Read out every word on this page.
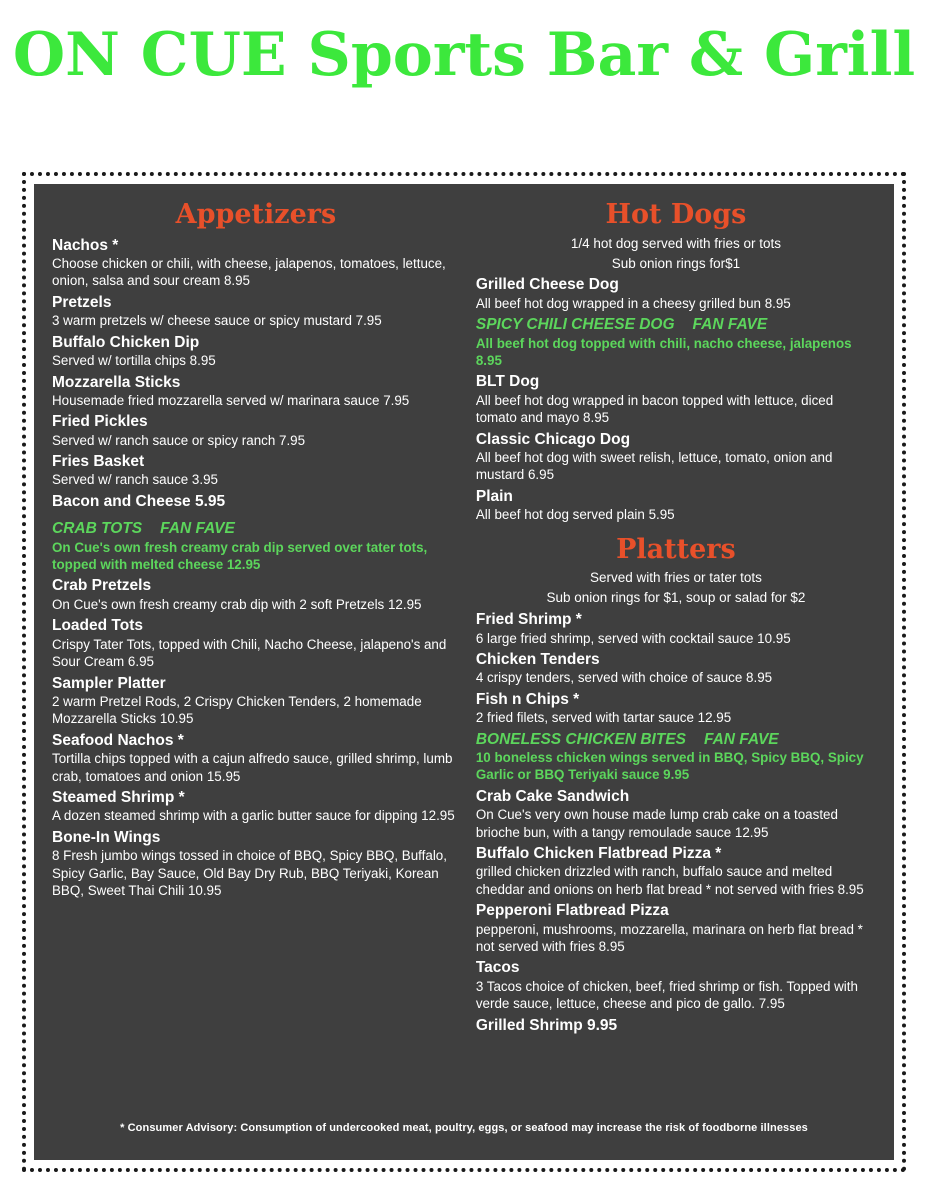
ON CUE Sports Bar & Grill
Appetizers
Nachos *
Choose chicken or chili, with cheese, jalapenos, tomatoes, lettuce, onion, salsa and sour cream 8.95
Pretzels
3 warm pretzels w/ cheese sauce or spicy mustard 7.95
Buffalo Chicken Dip
Served w/ tortilla chips 8.95
Mozzarella Sticks
Housemade fried mozzarella served w/ marinara sauce 7.95
Fried Pickles
Served w/ ranch sauce or spicy ranch 7.95
Fries Basket
Served w/ ranch sauce 3.95
Bacon and Cheese 5.95
CRAB TOTS FAN FAVE
On Cue's own fresh creamy crab dip served over tater tots, topped with melted cheese 12.95
Crab Pretzels
On Cue's own fresh creamy crab dip with 2 soft Pretzels 12.95
Loaded Tots
Crispy Tater Tots, topped with Chili, Nacho Cheese, jalapeno's and Sour Cream 6.95
Sampler Platter
2 warm Pretzel Rods, 2 Crispy Chicken Tenders, 2 homemade Mozzarella Sticks 10.95
Seafood Nachos *
Tortilla chips topped with a cajun alfredo sauce, grilled shrimp, lumb crab, tomatoes and onion 15.95
Steamed Shrimp *
A dozen steamed shrimp with a garlic butter sauce for dipping 12.95
Bone-In Wings
8 Fresh jumbo wings tossed in choice of BBQ, Spicy BBQ, Buffalo, Spicy Garlic, Bay Sauce, Old Bay Dry Rub, BBQ Teriyaki, Korean BBQ, Sweet Thai Chili 10.95
Hot Dogs
1/4 hot dog served with fries or tots
Sub onion rings for$1
Grilled Cheese Dog
All beef hot dog wrapped in a cheesy grilled bun 8.95
SPICY CHILI CHEESE DOG FAN FAVE
All beef hot dog topped with chili, nacho cheese, jalapenos 8.95
BLT Dog
All beef hot dog wrapped in bacon topped with lettuce, diced tomato and mayo 8.95
Classic Chicago Dog
All beef hot dog with sweet relish, lettuce, tomato, onion and mustard 6.95
Plain
All beef hot dog served plain 5.95
Platters
Served with fries or tater tots
Sub onion rings for $1, soup or salad for $2
Fried Shrimp *
6 large fried shrimp, served with cocktail sauce 10.95
Chicken Tenders
4 crispy tenders, served with choice of sauce 8.95
Fish n Chips *
2 fried filets, served with tartar sauce 12.95
BONELESS CHICKEN BITES FAN FAVE
10 boneless chicken wings served in BBQ, Spicy BBQ, Spicy Garlic or BBQ Teriyaki sauce 9.95
Crab Cake Sandwich
On Cue's very own house made lump crab cake on a toasted brioche bun, with a tangy remoulade sauce 12.95
Buffalo Chicken Flatbread Pizza *
grilled chicken drizzled with ranch, buffalo sauce and melted cheddar and onions on herb flat bread * not served with fries 8.95
Pepperoni Flatbread Pizza
pepperoni, mushrooms, mozzarella, marinara on herb flat bread * not served with fries 8.95
Tacos
3 Tacos choice of chicken, beef, fried shrimp or fish. Topped with verde sauce, lettuce, cheese and pico de gallo. 7.95
Grilled Shrimp 9.95
* Consumer Advisory: Consumption of undercooked meat, poultry, eggs, or seafood may increase the risk of foodborne illnesses
